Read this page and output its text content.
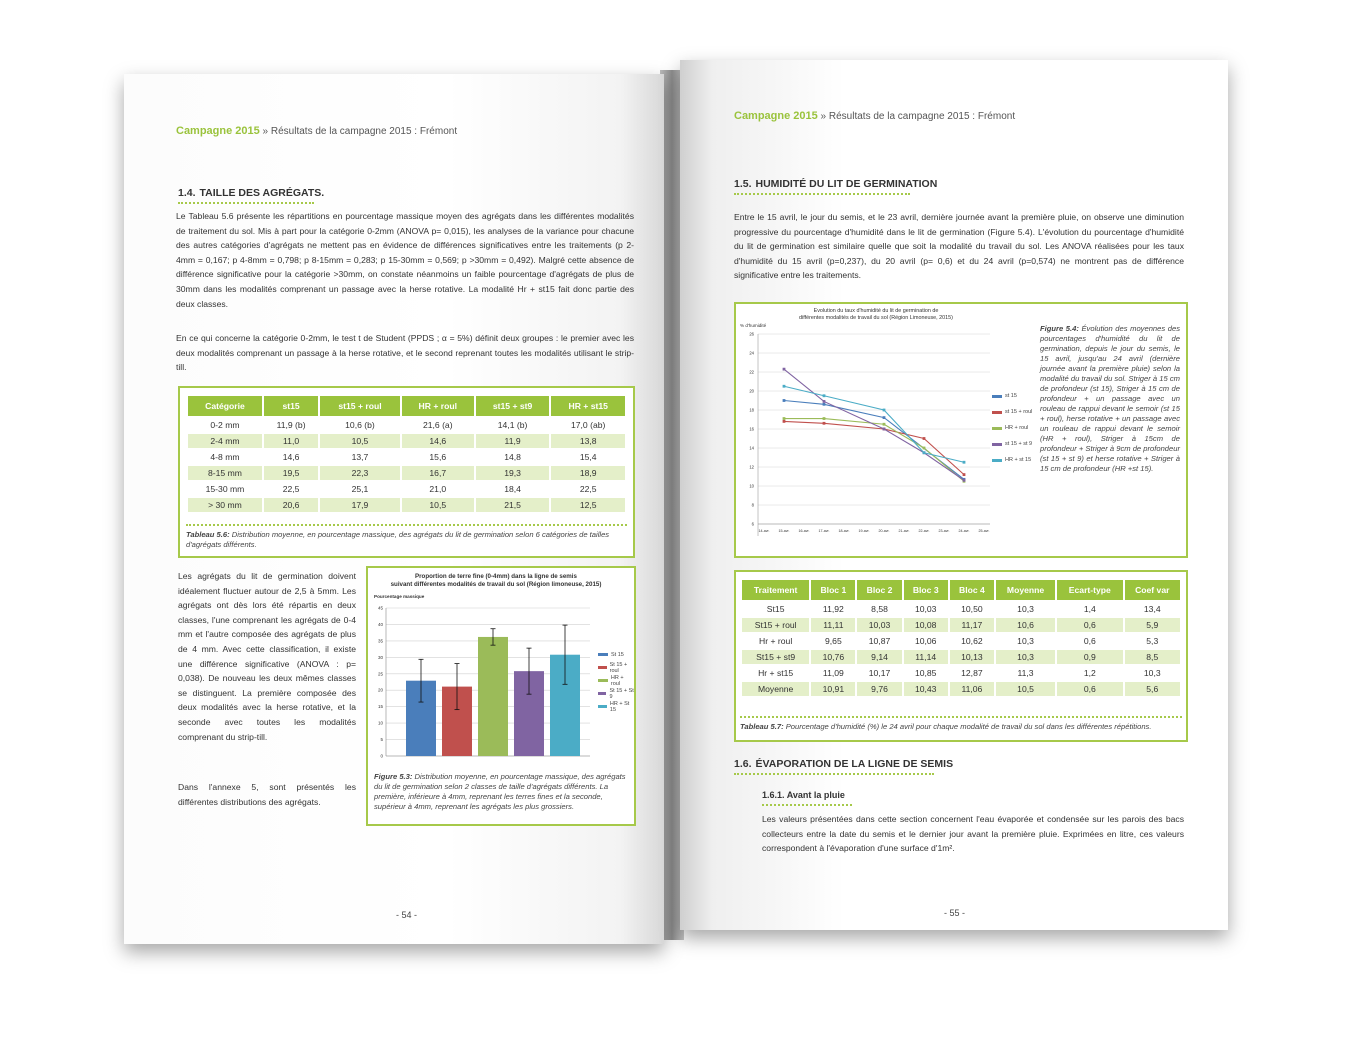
Campagne 2015 » Résultats de la campagne 2015 : Frémont
1.4. TAILLE DES AGRÉGATS.
Le Tableau 5.6 présente les répartitions en pourcentage massique moyen des agrégats dans les différentes modalités de traitement du sol. Mis à part pour la catégorie 0-2mm (ANOVA p= 0,015), les analyses de la variance pour chacune des autres catégories d'agrégats ne mettent pas en évidence de différences significatives entre les traitements (p 2-4mm = 0,167; p 4-8mm = 0,798; p 8-15mm = 0,283; p 15-30mm = 0,569; p >30mm = 0,492). Malgré cette absence de différence significative pour la catégorie >30mm, on constate néanmoins un faible pourcentage d'agrégats de plus de 30mm dans les modalités comprenant un passage avec la herse rotative. La modalité Hr + st15 fait donc partie des deux classes.
En ce qui concerne la catégorie 0-2mm, le test t de Student (PPDS ; α = 5%) définit deux groupes : le premier avec les deux modalités comprenant un passage à la herse rotative, et le second reprenant toutes les modalités utilisant le strip-till.
Catégorie	st15	st15 + roul	HR + roul	st15 + st9	HR + st15
0-2 mm	11,9 (b)	10,6 (b)	21,6 (a)	14,1 (b)	17,0 (ab)
2-4 mm	11,0	10,5	14,6	11,9	13,8
4-8 mm	14,6	13,7	15,6	14,8	15,4
8-15 mm	19,5	22,3	16,7	19,3	18,9
15-30 mm	22,5	25,1	21,0	18,4	22,5
> 30 mm	20,6	17,9	10,5	21,5	12,5
Tableau 5.6: Distribution moyenne, en pourcentage massique, des agrégats du lit de germination selon 6 catégories de tailles d'agrégats différents.
Les agrégats du lit de germination doivent idéalement fluctuer autour de 2,5 à 5mm. Les agrégats ont dès lors été répartis en deux classes, l'une comprenant les agrégats de 0-4 mm et l'autre composée des agrégats de plus de 4 mm. Avec cette classification, il existe une différence significative (ANOVA : p= 0,038). De nouveau les deux mêmes classes se distinguent. La première composée des deux modalités avec la herse rotative, et la seconde avec toutes les modalités comprenant du strip-till.
Dans l'annexe 5, sont présentés les différentes distributions des agrégats.
Proportion de terre fine (0-4mm) dans la ligne de semis suivant différentes modalités de travail du sol (Région limoneuse, 2015)
Pourcentage massique
0
5
10
15
20
25
30
35
40
45
St 15
St 15 + roul
HR + roul
St 15 + St 9
HR + St 15
Figure 5.3: Distribution moyenne, en pourcentage massique, des agrégats du lit de germination selon 2 classes de taille d'agrégats différents. La première, inférieure à 4mm, reprenant les terres fines et la seconde, supérieur à 4mm, reprenant les agrégats les plus grossiers.
- 54 -
Campagne 2015 » Résultats de la campagne 2015 : Frémont
1.5. HUMIDITÉ DU LIT DE GERMINATION
Entre le 15 avril, le jour du semis, et le 23 avril, dernière journée avant la première pluie, on observe une diminution progressive du pourcentage d'humidité dans le lit de germination (Figure 5.4). L'évolution du pourcentage d'humidité du lit de germination est similaire quelle que soit la modalité du travail du sol. Les ANOVA réalisées pour les taux d'humidité du 15 avril (p=0,237), du 20 avril (p= 0,6) et du 24 avril (p=0,574) ne montrent pas de différence significative entre les traitements.
Evolution du taux d'humidité du lit de germination de différentes modalités de travail du sol (Région Limoneuse, 2015)
% d'humidité
6
8
10
12
14
16
18
20
22
24
26
14-avr.	15-avr.	16-avr.	17-avr.	18-avr.	19-avr.	20-avr.	21-avr.	22-avr.	23-avr.	24-avr.	25-avr.
st 15
st 15 + roul
HR + roul
st 15 + st 9
HR + st 15
Figure 5.4: Évolution des moyennes des pourcentages d'humidité du lit de germination, depuis le jour du semis, le 15 avril, jusqu'au 24 avril (dernière journée avant la première pluie) selon la modalité du travail du sol. Striger à 15 cm de profondeur (st 15), Striger à 15 cm de profondeur + un passage avec un rouleau de rappui devant le semoir (st 15 + roul), herse rotative + un passage avec un rouleau de rappui devant le semoir (HR + roul), Striger à 15cm de profondeur + Striger à 9cm de profondeur (st 15 + st 9) et herse rotative + Striger à 15 cm de profondeur (HR +st 15).
Traitement	Bloc 1	Bloc 2	Bloc 3	Bloc 4	Moyenne	Ecart-type	Coef var
St15	11,92	8,58	10,03	10,50	10,3	1,4	13,4
St15 + roul	11,11	10,03	10,08	11,17	10,6	0,6	5,9
Hr + roul	9,65	10,87	10,06	10,62	10,3	0,6	5,3
St15 + st9	10,76	9,14	11,14	10,13	10,3	0,9	8,5
Hr + st15	11,09	10,17	10,85	12,87	11,3	1,2	10,3
Moyenne	10,91	9,76	10,43	11,06	10,5	0,6	5,6
Tableau 5.7: Pourcentage d'humidité (%) le 24 avril pour chaque modalité de travail du sol dans les différentes répétitions.
1.6. ÉVAPORATION DE LA LIGNE DE SEMIS
1.6.1. Avant la pluie
Les valeurs présentées dans cette section concernent l'eau évaporée et condensée sur les parois des bacs collecteurs entre la date du semis et le dernier jour avant la première pluie. Exprimées en litre, ces valeurs correspondent à l'évaporation d'une surface d'1m².
- 55 -
